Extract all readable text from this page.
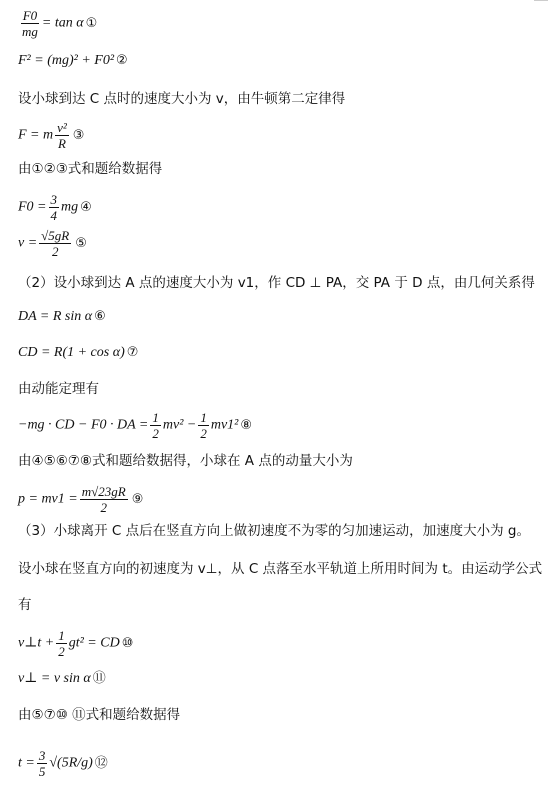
$\frac{F0}{mg} = \tan \alpha$ ①
F² = (mg)² + F0² ②
设小球到达 C 点时的速度大小为 v，由牛顿第二定律得
F = m $\frac{\text{v²}}{R}$ ③
由①②③式和题给数据得
$F0 = \frac{3}{4}$ mg ④
$v = \frac{√5gR}{2}$ ⑤
（2）设小球到达 A 点的速度大小为 v1，作 CD ⊥ PA，交 PA 于 D 点，由几何关系得
DA = R sin α ⑥
CD = R(1 + cos α) ⑦
由动能定理有
−mg · CD − F0 · DA = $\frac{1}{2} mv^2 - \frac{1}{2} mv1^2$ ⑧
由④⑤⑥⑦⑧式和题给数据得，小球在 A 点的动量大小为
$p = mv1 = \frac{m√23gR}{2}$ ⑨
（3）小球离开 C 点后在竖直方向上做初速度不为零的匀加速运动，加速度大小为 g。
设小球在竖直方向的初速度为 v⊥，从 C 点落至水平轨道上所用时间为 t。由运动学公式
有
v⊥t + $\frac{1}{2} gt^2$ = CD ⑩
v⊥ = v sin α ⑪
由⑤⑦⑩ ⑪式和题给数据得
$t = \frac{3}{5} √(5R/g)$ ⑫
